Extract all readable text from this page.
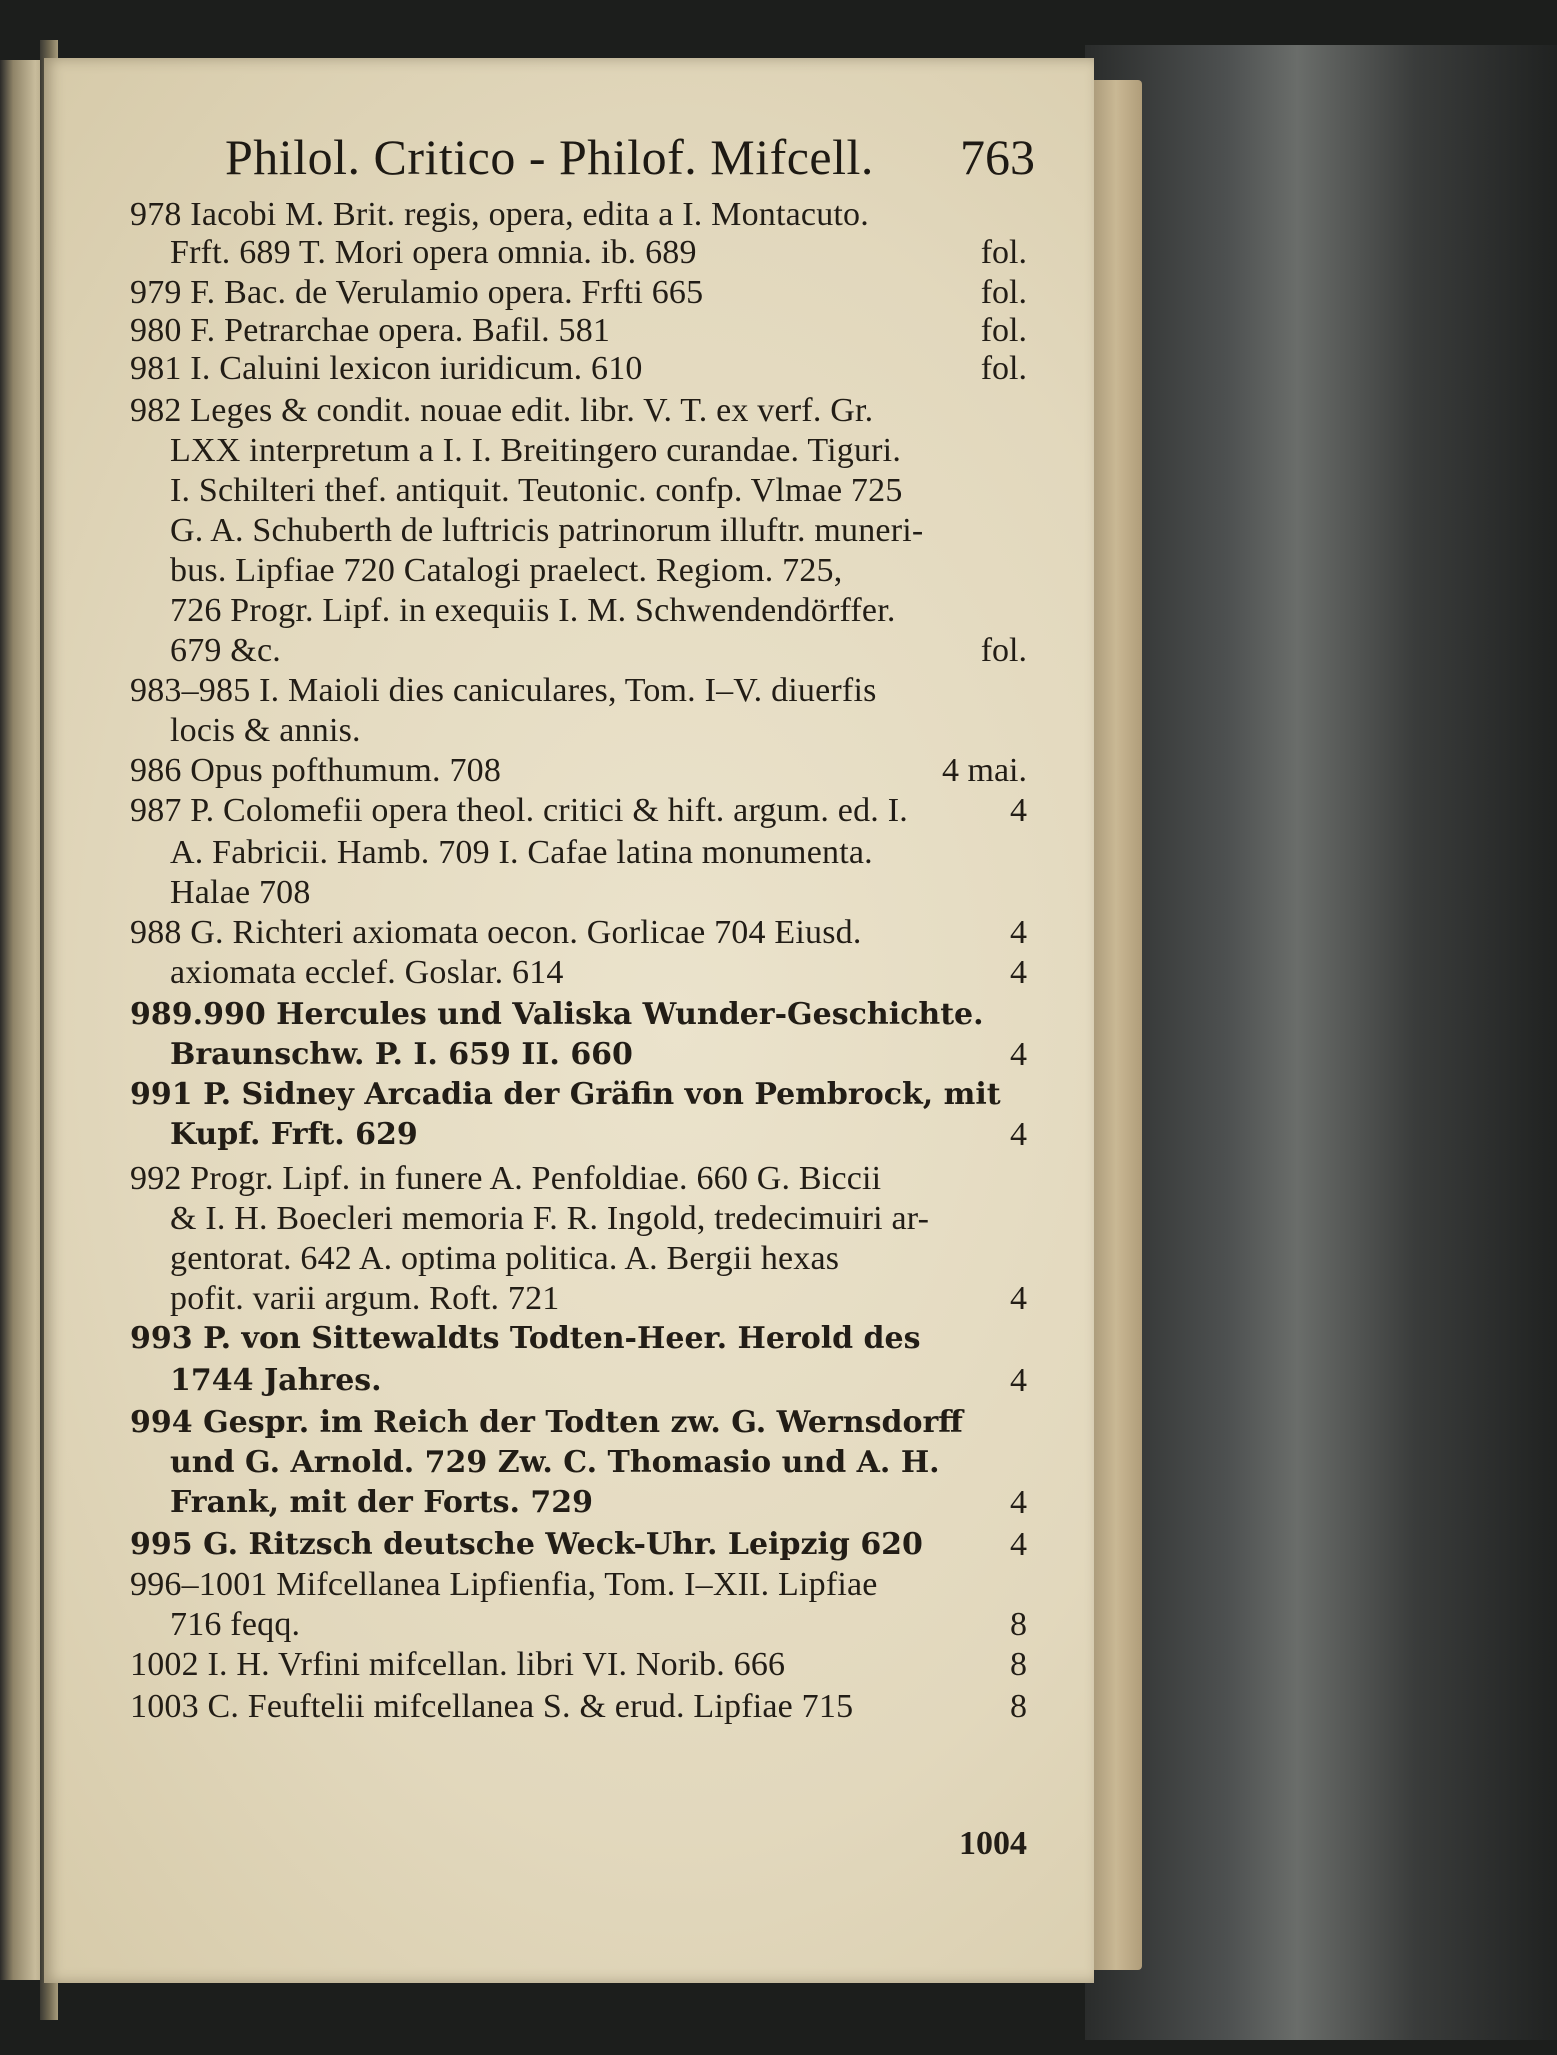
Philol. Critico - Philof. Mifcell. 763
978 Iacobi M. Brit. regis, opera, edita a I. Montacuto.
Frft. 689 T. Mori opera omnia. ib. 689
979 F. Bac. de Verulamio opera. Frfti 665
980 F. Petrarchae opera. Bafil. 581
981 I. Caluini lexicon iuridicum. 610
982 Leges & condit. nouae edit. libr. V. T. ex verf. Gr.
LXX interpretum a I. I. Breitingero curandae. Tiguri.
I. Schilteri thef. antiquit. Teutonic. confp. Vlmae 725
G. A. Schuberth de luftricis patrinorum illuftr. muneri-
bus. Lipfiae 720 Catalogi praelect. Regiom. 725,
726 Progr. Lipf. in exequiis I. M. Schwendendörffer.
679 &c.
983–985 I. Maioli dies caniculares, Tom. I–V. diuerfis
locis & annis.
986 Opus pofthumum. 708
987 P. Colomefii opera theol. critici & hift. argum. ed. I.
A. Fabricii. Hamb. 709 I. Cafae latina monumenta.
Halae 708
988 G. Richteri axiomata oecon. Gorlicae 704 Eiusd.
axiomata ecclef. Goslar. 614
989.990 Hercules und Valiska Wunder-Geschichte.
Braunschw. P. I. 659 II. 660
991 P. Sidney Arcadia der Gräfin von Pembrock, mit
Kupf. Frft. 629
992 Progr. Lipf. in funere A. Penfoldiae. 660 G. Biccii
& I. H. Boecleri memoria F. R. Ingold, tredecimuiri ar-
gentorat. 642 A. optima politica. A. Bergii hexas
pofit. varii argum. Roft. 721
993 P. von Sittewaldts Todten-Heer. Herold des
1744 Jahres.
994 Gespr. im Reich der Todten zw. G. Wernsdorff
und G. Arnold. 729 Zw. C. Thomasio und A. H.
Frank, mit der Forts. 729
995 G. Ritzsch deutsche Weck-Uhr. Leipzig 620
996–1001 Mifcellanea Lipfienfia, Tom. I–XII. Lipfiae
716 feqq.
1002 I. H. Vrfini mifcellan. libri VI. Norib. 666
1003 C. Feuftelii mifcellanea S. & erud. Lipfiae 715
fol.
fol.
fol.
fol.
fol.
4 mai.
4
4
4
4
4
4
4
4
4
8
8
8
1004
